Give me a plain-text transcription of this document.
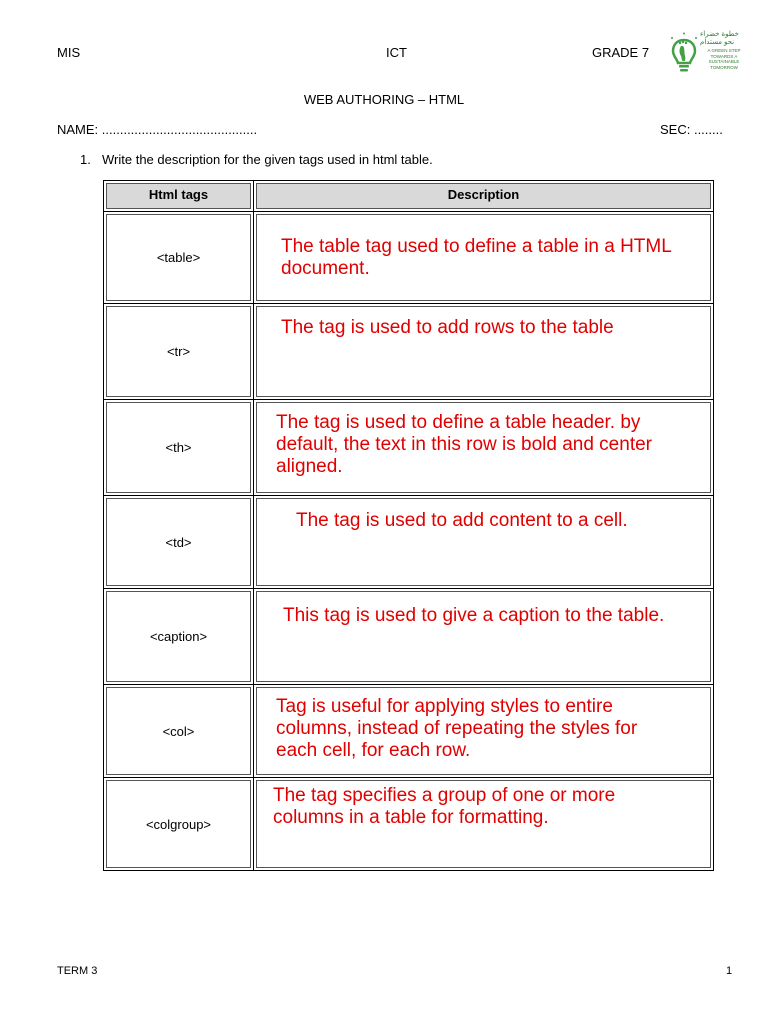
MIS	ICT	GRADE 7
خطوة خضراء
نحو مستدام
A GREEN STEP TOWARDS A SUSTAINABLE TOMORROW
WEB AUTHORING – HTML
NAME: ...........................................	SEC: ........
1. Write the description for the given tags used in html table.
Html tags	Description
<table>	The table tag used to define a table in a HTML
document.

<tr>	The tag is used to add rows to the table

<th>	The tag is used to define a table header. by
default, the text in this row is bold and center
aligned.

<td>	The tag is used to add content to a cell.

<caption>	This tag is used to give a caption to the table.

<col>	Tag is useful for applying styles to entire
columns, instead of repeating the styles for
each cell, for each row.

<colgroup>	The tag specifies a group of one or more
columns in a table for formatting.
TERM 3	1
